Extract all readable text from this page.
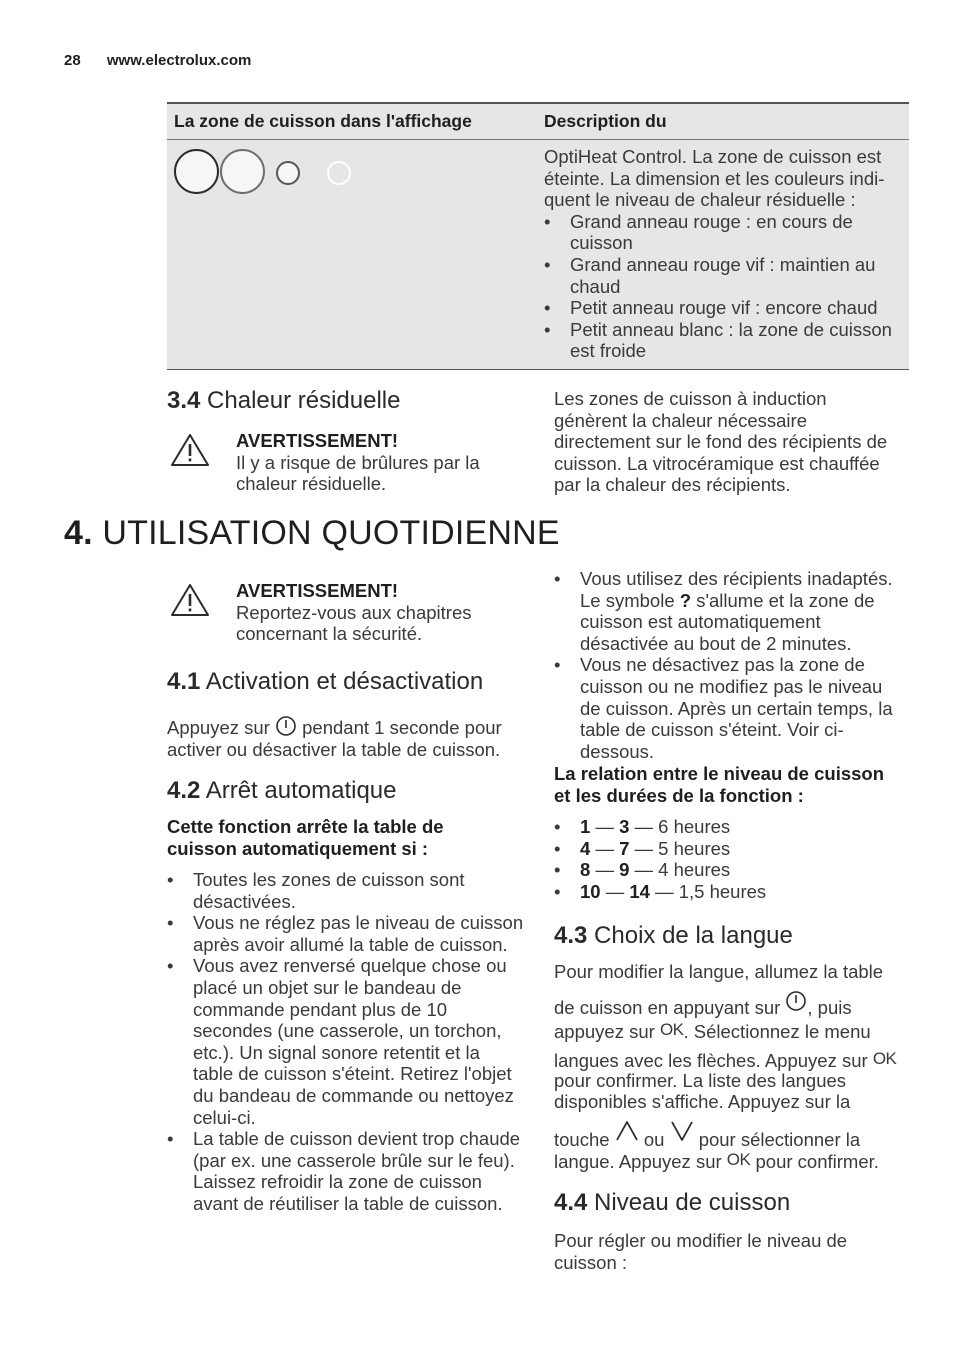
28 www.electrolux.com
La zone de cuisson dans l'affichage	Description du
OptiHeat Control. La zone de cuisson est éteinte. La dimension et les couleurs indi-quent le niveau de chaleur résiduelle :
• Grand anneau rouge : en cours de cuisson
• Grand anneau rouge vif : maintien au chaud
• Petit anneau rouge vif : encore chaud
• Petit anneau blanc : la zone de cuisson est froide
3.4 Chaleur résiduelle
AVERTISSEMENT!
Il y a risque de brûlures par la chaleur résiduelle.
Les zones de cuisson à induction génèrent la chaleur nécessaire directement sur le fond des récipients de cuisson. La vitrocéramique est chauffée par la chaleur des récipients.
4. UTILISATION QUOTIDIENNE
AVERTISSEMENT!
Reportez-vous aux chapitres concernant la sécurité.
4.1 Activation et désactivation
Appuyez sur pendant 1 seconde pour activer ou désactiver la table de cuisson.
4.2 Arrêt automatique
Cette fonction arrête la table de cuisson automatiquement si :
• Toutes les zones de cuisson sont désactivées.
• Vous ne réglez pas le niveau de cuisson après avoir allumé la table de cuisson.
• Vous avez renversé quelque chose ou placé un objet sur le bandeau de commande pendant plus de 10 secondes (une casserole, un torchon, etc.). Un signal sonore retentit et la table de cuisson s'éteint. Retirez l'objet du bandeau de commande ou nettoyez celui-ci.
• La table de cuisson devient trop chaude (par ex. une casserole brûle sur le feu). Laissez refroidir la zone de cuisson avant de réutiliser la table de cuisson.
• Vous utilisez des récipients inadaptés. Le symbole ? s'allume et la zone de cuisson est automatiquement désactivée au bout de 2 minutes.
• Vous ne désactivez pas la zone de cuisson ou ne modifiez pas le niveau de cuisson. Après un certain temps, la table de cuisson s'éteint. Voir ci-dessous.
La relation entre le niveau de cuisson et les durées de la fonction :
• 1 — 3 — 6 heures
• 4 — 7 — 5 heures
• 8 — 9 — 4 heures
• 10 — 14 — 1,5 heures
4.3 Choix de la langue
Pour modifier la langue, allumez la table
de cuisson en appuyant sur , puis
appuyez sur OK. Sélectionnez le menu
langues avec les flèches. Appuyez sur OK
pour confirmer. La liste des langues disponibles s'affiche. Appuyez sur la
touche ou pour sélectionner la
langue. Appuyez sur OK pour confirmer.
4.4 Niveau de cuisson
Pour régler ou modifier le niveau de cuisson :
